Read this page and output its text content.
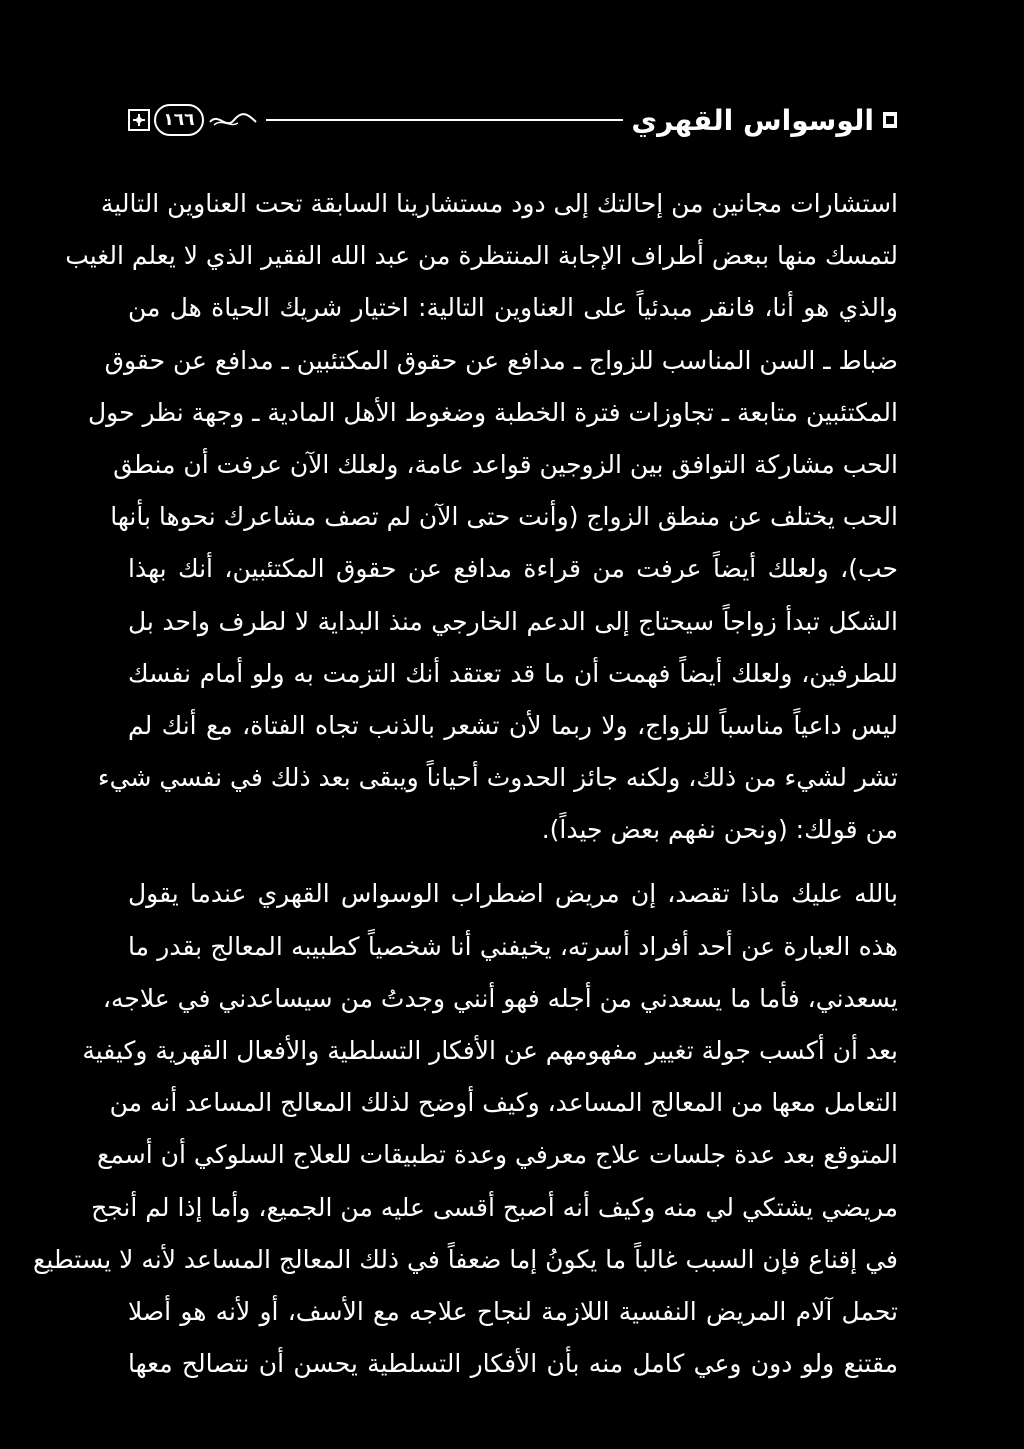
١٦٦	الوسواس القهري
استشارات مجانين من إحالتك إلى دود مستشارينا السابقة تحت العناوين التالية
لتمسك منها ببعض أطراف الإجابة المنتظرة من عبد الله الفقير الذي لا يعلم الغيب
والذي هو أنا، فانقر مبدئياً على العناوين التالية: اختيار شريك الحياة هل من
ضباط ـ السن المناسب للزواج ـ مدافع عن حقوق المكتئبين ـ مدافع عن حقوق
المكتئبين متابعة ـ تجاوزات فترة الخطبة وضغوط الأهل المادية ـ وجهة نظر حول
الحب مشاركة التوافق بين الزوجين قواعد عامة، ولعلك الآن عرفت أن منطق
الحب يختلف عن منطق الزواج (وأنت حتى الآن لم تصف مشاعرك نحوها بأنها
حب)، ولعلك أيضاً عرفت من قراءة مدافع عن حقوق المكتئبين، أنك بهذا
الشكل تبدأ زواجاً سيحتاج إلى الدعم الخارجي منذ البداية لا لطرف واحد بل
للطرفين، ولعلك أيضاً فهمت أن ما قد تعتقد أنك التزمت به ولو أمام نفسك
ليس داعياً مناسباً للزواج، ولا ربما لأن تشعر بالذنب تجاه الفتاة، مع أنك لم
تشر لشيء من ذلك، ولكنه جائز الحدوث أحياناً ويبقى بعد ذلك في نفسي شيء
من قولك: (ونحن نفهم بعض جيداً).
بالله عليك ماذا تقصد، إن مريض اضطراب الوسواس القهري عندما يقول
هذه العبارة عن أحد أفراد أسرته، يخيفني أنا شخصياً كطبيبه المعالج بقدر ما
يسعدني، فأما ما يسعدني من أجله فهو أنني وجدتُ من سيساعدني في علاجه،
بعد أن أكسب جولة تغيير مفهومهم عن الأفكار التسلطية والأفعال القهرية وكيفية
التعامل معها من المعالج المساعد، وكيف أوضح لذلك المعالج المساعد أنه من
المتوقع بعد عدة جلسات علاج معرفي وعدة تطبيقات للعلاج السلوكي أن أسمع
مريضي يشتكي لي منه وكيف أنه أصبح أقسى عليه من الجميع، وأما إذا لم أنجح
في إقناع فإن السبب غالباً ما يكونُ إما ضعفاً في ذلك المعالج المساعد لأنه لا يستطيع
تحمل آلام المريض النفسية اللازمة لنجاح علاجه مع الأسف، أو لأنه هو أصلا
مقتنع ولو دون وعي كامل منه بأن الأفكار التسلطية يحسن أن نتصالح معها
